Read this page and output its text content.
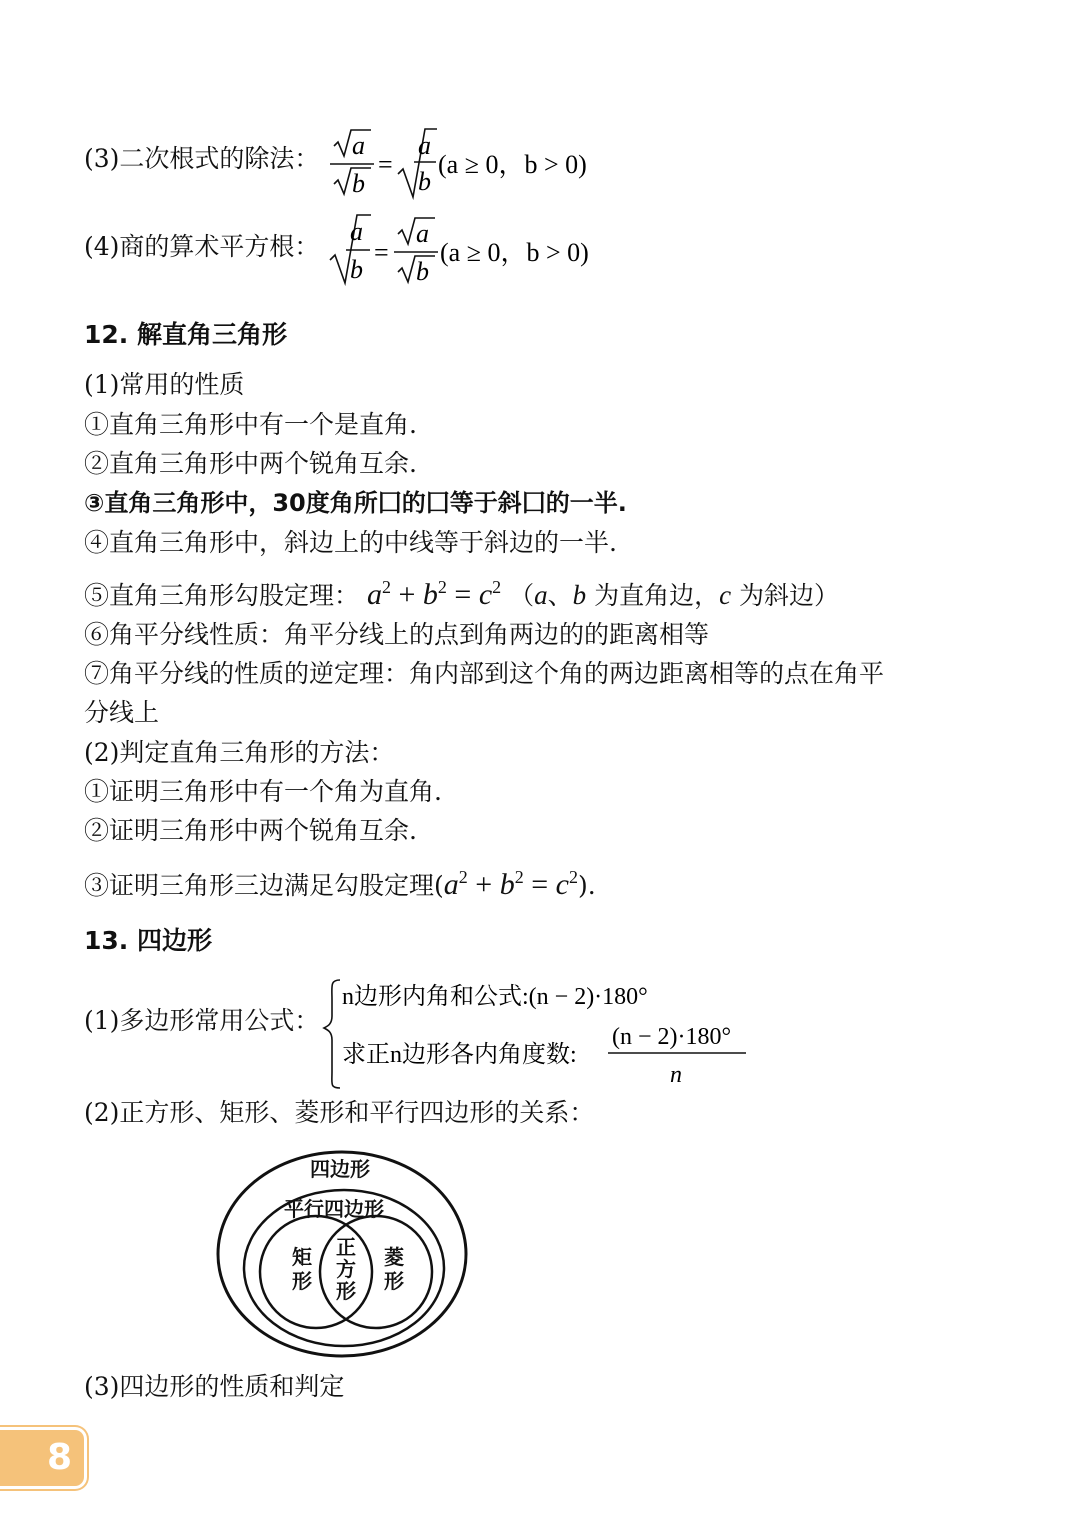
(3)二次根式的除法： a
b
=
a
b
(a ≥ 0，b > 0)
(4)商的算术平方根：
a
b
=
a
b
(a ≥ 0，b > 0)
12. 解直角三角形
(1)常用的性质
①直角三角形中有一个是直角.
②直角三角形中两个锐角互余.
③直角三角形中，30度角所囗的囗等于斜囗的一半.
④直角三角形中，斜边上的中线等于斜边的一半.
⑤直角三角形勾股定理： $a^2 + b^2 = c^2$ （a、b 为直角边，c 为斜边）
⑥角平分线性质：角平分线上的点到角两边的的距离相等
⑦角平分线的性质的逆定理：角内部到这个角的两边距离相等的点在角平
分线上
(2)判定直角三角形的方法：
①证明三角形中有一个角为直角.
②证明三角形中两个锐角互余.
③证明三角形三边满足勾股定理$(a^2 + b^2 = c^2)$.
13. 四边形
(1)多边形常用公式：
n边形内角和公式:(n − 2)·180°
求正n边形各内角度数:
(n − 2)·180°
n
(2)正方形、矩形、菱形和平行四边形的关系：
四边形
平行四边形
矩
形
正
方
形
菱
形
(3)四边形的性质和判定
8
